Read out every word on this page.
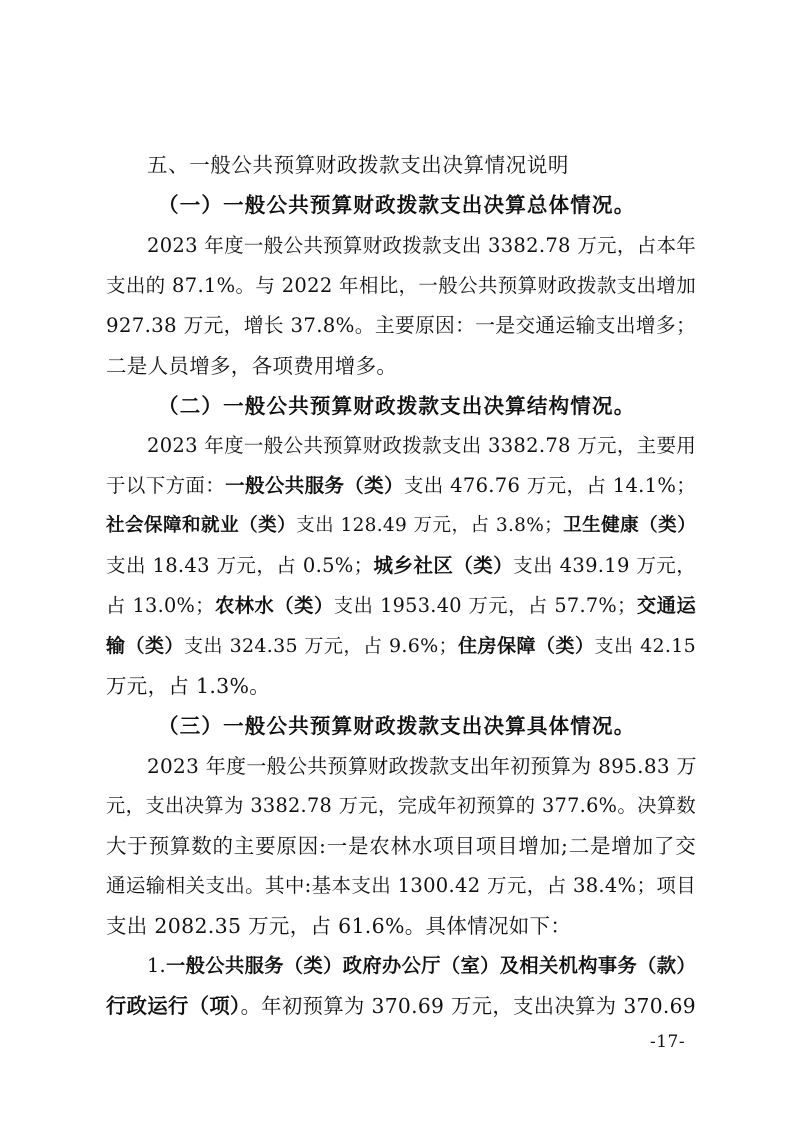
五、一般公共预算财政拨款支出决算情况说明
（一）一般公共预算财政拨款支出决算总体情况。
2023 年度一般公共预算财政拨款支出 3382.78 万元，占本年
支出的 87.1%。与 2022 年相比，一般公共预算财政拨款支出增加
927.38 万元，增长 37.8%。主要原因：一是交通运输支出增多；
二是人员增多，各项费用增多。
（二）一般公共预算财政拨款支出决算结构情况。
2023 年度一般公共预算财政拨款支出 3382.78 万元，主要用
于以下方面：一般公共服务（类）支出 476.76 万元，占 14.1%；
社会保障和就业（类）支出 128.49 万元，占 3.8%；卫生健康（类）
支出 18.43 万元，占 0.5%；城乡社区（类）支出 439.19 万元，
占 13.0%；农林水（类）支出 1953.40 万元，占 57.7%；交通运
输（类）支出 324.35 万元，占 9.6%；住房保障（类）支出 42.15
万元，占 1.3%。
（三）一般公共预算财政拨款支出决算具体情况。
2023 年度一般公共预算财政拨款支出年初预算为 895.83 万
元，支出决算为 3382.78 万元，完成年初预算的 377.6%。决算数
大于预算数的主要原因:一是农林水项目项目增加;二是增加了交
通运输相关支出。其中:基本支出 1300.42 万元，占 38.4%；项目
支出 2082.35 万元，占 61.6%。具体情况如下：
1.一般公共服务（类）政府办公厅（室）及相关机构事务（款）
行政运行（项）。年初预算为 370.69 万元，支出决算为 370.69
-17-
